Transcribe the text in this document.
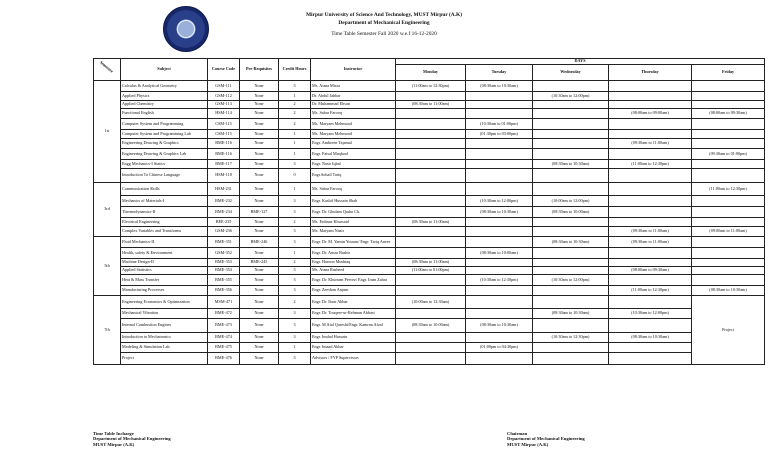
Mirpur University of Science And Technology, MUST Mirpur (A.K)
Department of Mechanical Engineering
Time Table Semester Fall 2020 w.e.f 16-12-2020
Semester	Subject	Course Code	Pre-Requisites	Credit Hours	Instructor	DAYS				
						Monday	Tuesday	Wednesday	Thursday	Friday
1st	Calculus & Analytical Geometry	GSM-111	None	3	Ms. Asma Mirza	(11:00am to 12:30pm)	(08:30am to 10:30am)			
	Applied Physics	GSM-112	None	1	Dr. Abdul Jabbar			(10:30am to 12:00pm)		
	Applied Chemistry	GSM-113	None	2	Dr. Muhammad Ehsan	(08:30am to 11:00am)				
	Functional English	HSM-114	None	2	Ms. Sabar Farooq				(08:00am to 09:00am)	(08:00am to 09:30am)
	Computer System and Programming	CSM-115	None	2	Ms. Maryam Mehmood		(10:30am to 01:00pm)			
	Computer System and Programming Lab	CSM-115	None	1	Ms. Maryam Mehmood		(01:30pm to 03:00pm)			
	Engineering Drawing & Graphics	BME-116	None	1	Engr. Ambreen Tajamal				(09:30am to 11:00am)	
	Engineering Drawing & Graphics Lab	BME-116	None	1	Engr. Faisal Maqbool					(09:30am to 01:00pm)
	Engg Mechanics-I Statics	BME-117	None	3	Engr. Nasir Iqbal			(08:30am to 10:30am)	(11:00am to 12:30pm)	
	Introduction To Chinese Language	HSM-118	None	0	Engr.Sohail Tariq					
3rd	Communication Skills	HSM-231	None	1	Ms. Sabar Farooq					(11:00am to 12:30pm)
	Mechanics of Materials-I	BME-232	None	3	Engr. Kashif Hussain Shah		(10:30am to 12:00pm)	(10:00am to 12:00pm)		
	Thermodynamics-II	BME-234	BME-127	3	Engr. Dr. Ghulam Qadar Ch.		(08:30am to 10:30am)	(08:30am to 10:00am)		
	Electrical Engineering	BEE-235	None	2	Ms. Erdinaz Khursaid	(08:30am to 11:00am)				
	Complex Variables and Transforms	GSM-236	None	3	Ms. Maryam Nazir				(09:30am to 11:00am)	(09:00am to 11:00am)
5th	Fluid Mechanics-II	BME-351	BME-246	3	Engr. Dr. M. Yamin Younas/ Engr. Tariq Anees			(08:30am to 10:30am)	(09:30am to 11:00am)	
	Health, safety & Environment	GSM-352	None	1	Engr. Dr. Ansar Bashir		(08:30am to 10:00am)			
	Machine Design-II	BME-353	BME-245	2	Engr. Haroon Mushtaq	(08:30am to 11:00am)				
	Applied Statistics	BME-354	None	3	Ms. Asma Rasheed	(11:00am to 01:00pm)			(08:00am to 09:30am)	
	Heat & Mass Transfer	BME-355	None	3	Engr. Dr. Khurram Pervez/ Engr. Irum Zahra		(10:30am to 12:30pm)	(10:30am to 12:00pm)		
	Manufacturing Processes	BME-356	None	3	Engr. Zeeshan Anjum				(11:00am to 12:30pm)	(08:30am to 10:30am)
7th	Engineering Economics & Optimization	MSM-471	None	2	Engr. Dr. Ibrar Akbar	(10:00am to 12:30am)				Project
	Mechanical Vibration	BME-472	None	3	Engr. Dr. Touqeer-ur-Rehman Abbasi			(08:30am to 10:30am)	(10:30am to 12:00pm)	
	Internal Combustion Engines	BME-473	None	3	Engr. M Atal Qureshi/Engr. Kamran Afzal	(08:30am to 10:00am)	(08:30am to 10:30am)			
	Introduction to Mechatronics	BME-474	None	3	Engr. Imdad Hussain			(10:30am to 12:30pm)	(08:30am to 10:30am)	
	Modeling & Simulation Lab	BME-475	None	1	Engr. Imaad Akbar		(01:00pm to 04:30pm)			
	Project	BME-476	None	3	Advisors / FYP Supervisors					
Time Table Incharge
Department of Mechanical Engineering
MUST Mirpur (A.K)
Chairman
Department of Mechanical Engineering
MUST Mirpur (A.K)
